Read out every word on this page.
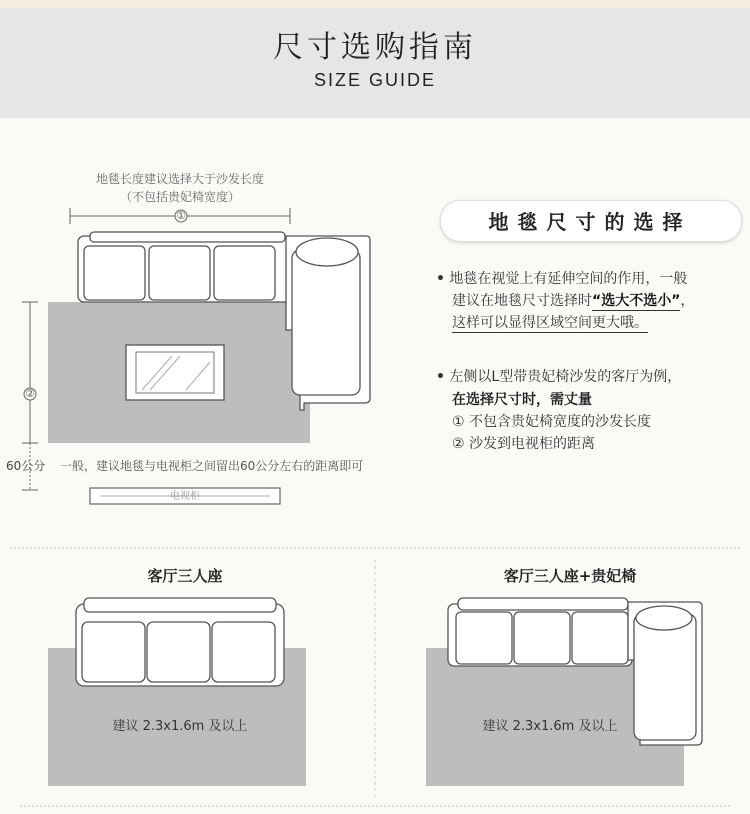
尺寸选购指南
SIZE GUIDE
地毯长度建议选择大于沙发长度
（不包括贵妃椅宽度）
60公分 一般，建议地毯与电视柜之间留出60公分左右的距离即可
电视柜
地毯尺寸的选择
• 地毯在视觉上有延伸空间的作用，一般
建议在地毯尺寸选择时“选大不选小”，
这样可以显得区域空间更大哦。
• 左侧以L型带贵妃椅沙发的客厅为例，
在选择尺寸时，需丈量
① 不包含贵妃椅宽度的沙发长度
② 沙发到电视柜的距离
客厅三人座	客厅三人座+贵妃椅
建议 2.3x1.6m 及以上	建议 2.3x1.6m 及以上
①
②
